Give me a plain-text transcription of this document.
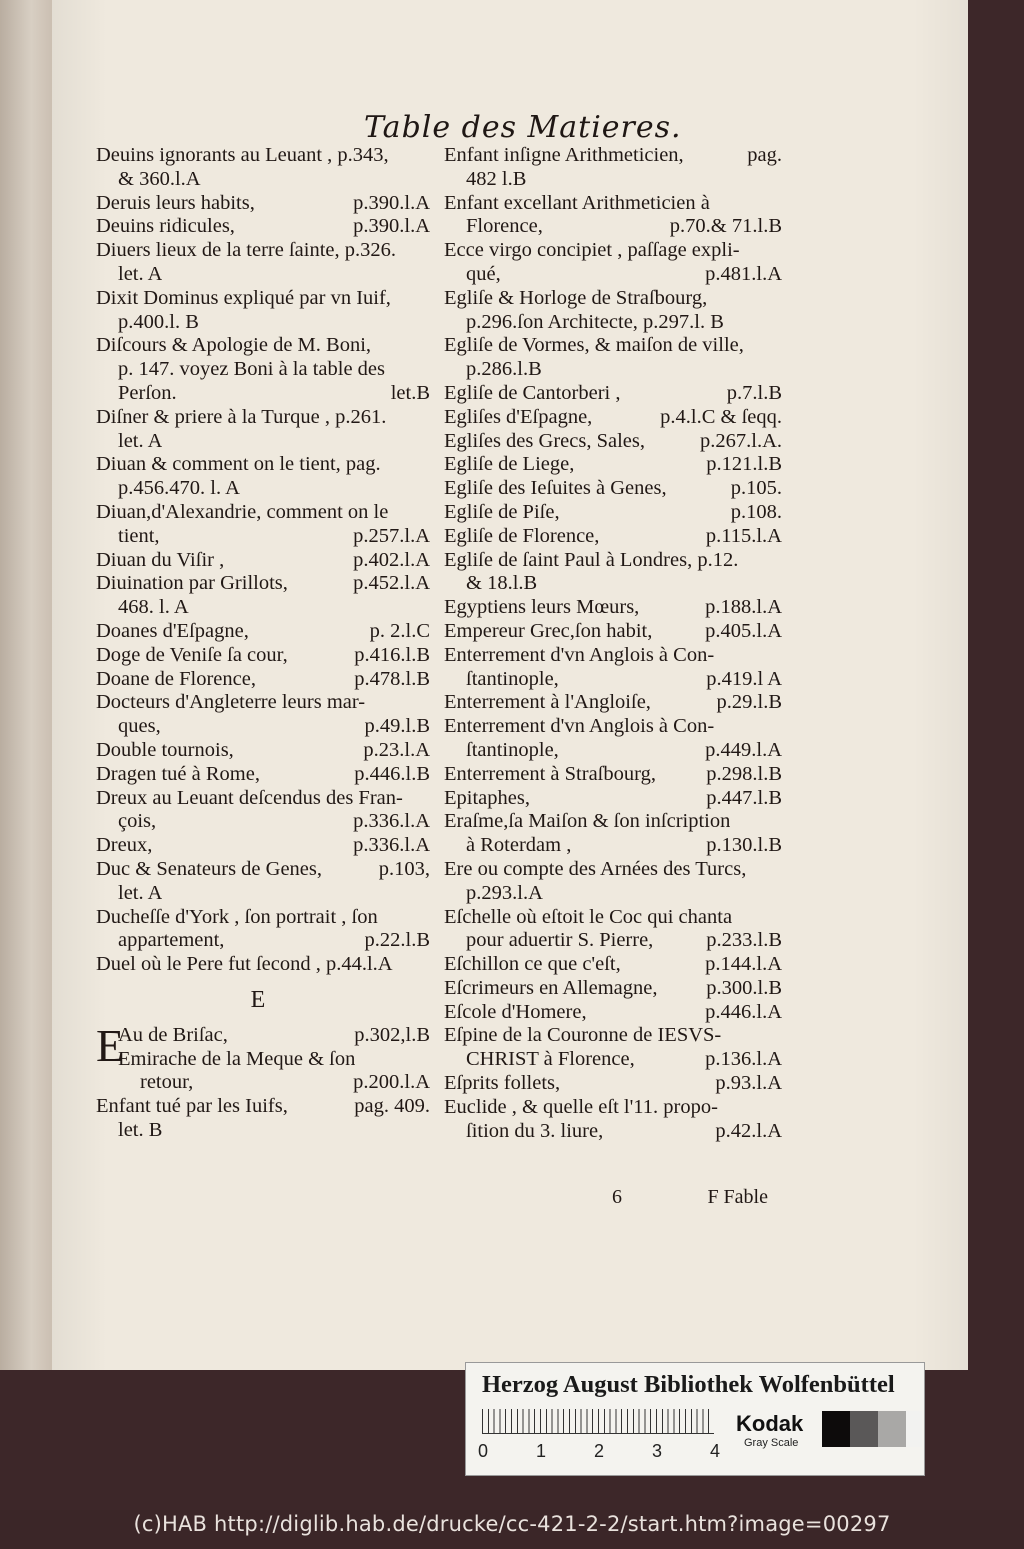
Table des Matieres.
Deuins ignorants au Leuant , p.343,
& 360.l.A
Deruis leurs habits,	p.390.l.A
Deuins ridicules,	p.390.l.A
Diuers lieux de la terre ſainte, p.326.
let. A
Dixit Dominus expliqué par vn Iuif,
p.400.l. B
Diſcours & Apologie de M. Boni,
p. 147. voyez Boni à la table des
Perſon.	let.B
Diſner & priere à la Turque , p.261.
let. A
Diuan & comment on le tient, pag.
p.456.470. l. A
Diuan,d'Alexandrie, comment on le
tient,	p.257.l.A
Diuan du Viſir ,	p.402.l.A
Diuination par Grillots,	p.452.l.A
468. l. A
Doanes d'Eſpagne,	p. 2.l.C
Doge de Veniſe ſa cour,	p.416.l.B
Doane de Florence,	p.478.l.B
Docteurs d'Angleterre leurs mar-
ques,	p.49.l.B
Double tournois,	p.23.l.A
Dragen tué à Rome,	p.446.l.B
Dreux au Leuant deſcendus des Fran-
çois,	p.336.l.A
Dreux,	p.336.l.A
Duc & Senateurs de Genes,	p.103,
let. A
Ducheſſe d'York , ſon portrait , ſon
appartement,	p.22.l.B
Duel où le Pere fut ſecond , p.44.l.A
E
E
Au de Briſac,	p.302,l.B
Emirache de la Meque & ſon
retour,	p.200.l.A
Enfant tué par les Iuifs,	pag. 409.
let. B
Enfant inſigne Arithmeticien,	pag.
482 l.B
Enfant excellant Arithmeticien à
Florence,	p.70.& 71.l.B
Ecce virgo concipiet , paſſage expli-
qué,	p.481.l.A
Egliſe & Horloge de Straſbourg,
p.296.ſon Architecte, p.297.l. B
Egliſe de Vormes, & maiſon de ville,
p.286.l.B
Egliſe de Cantorberi ,	p.7.l.B
Egliſes d'Eſpagne,	p.4.l.C & ſeqq.
Egliſes des Grecs, Sales,	p.267.l.A.
Egliſe de Liege,	p.121.l.B
Egliſe des Ieſuites à Genes,	p.105.
Egliſe de Piſe,	p.108.
Egliſe de Florence,	p.115.l.A
Egliſe de ſaint Paul à Londres, p.12.
& 18.l.B
Egyptiens leurs Mœurs,	p.188.l.A
Empereur Grec,ſon habit,	p.405.l.A
Enterrement d'vn Anglois à Con-
ſtantinople,	p.419.l A
Enterrement à l'Angloiſe,	p.29.l.B
Enterrement d'vn Anglois à Con-
ſtantinople,	p.449.l.A
Enterrement à Straſbourg, p.298.l.B
Epitaphes,	p.447.l.B
Eraſme,ſa Maiſon & ſon inſcription
à Roterdam ,	p.130.l.B
Ere ou compte des Arnées des Turcs,
p.293.l.A
Eſchelle où eſtoit le Coc qui chanta
pour aduertir S. Pierre,	p.233.l.B
Eſchillon ce que c'eſt,	p.144.l.A
Eſcrimeurs en Allemagne, p.300.l.B
Eſcole d'Homere,	p.446.l.A
Eſpine de la Couronne de IESVS-
CHRIST à Florence,	p.136.l.A
Eſprits follets,	p.93.l.A
Euclide , & quelle eſt l'11. propo-
ſition du 3. liure,	p.42.l.A
6	F Fable
Herzog August Bibliothek Wolfenbüttel
0	1	2	3	4
Kodak
Gray Scale
(c)HAB http://diglib.hab.de/drucke/cc-421-2-2/start.htm?image=00297
